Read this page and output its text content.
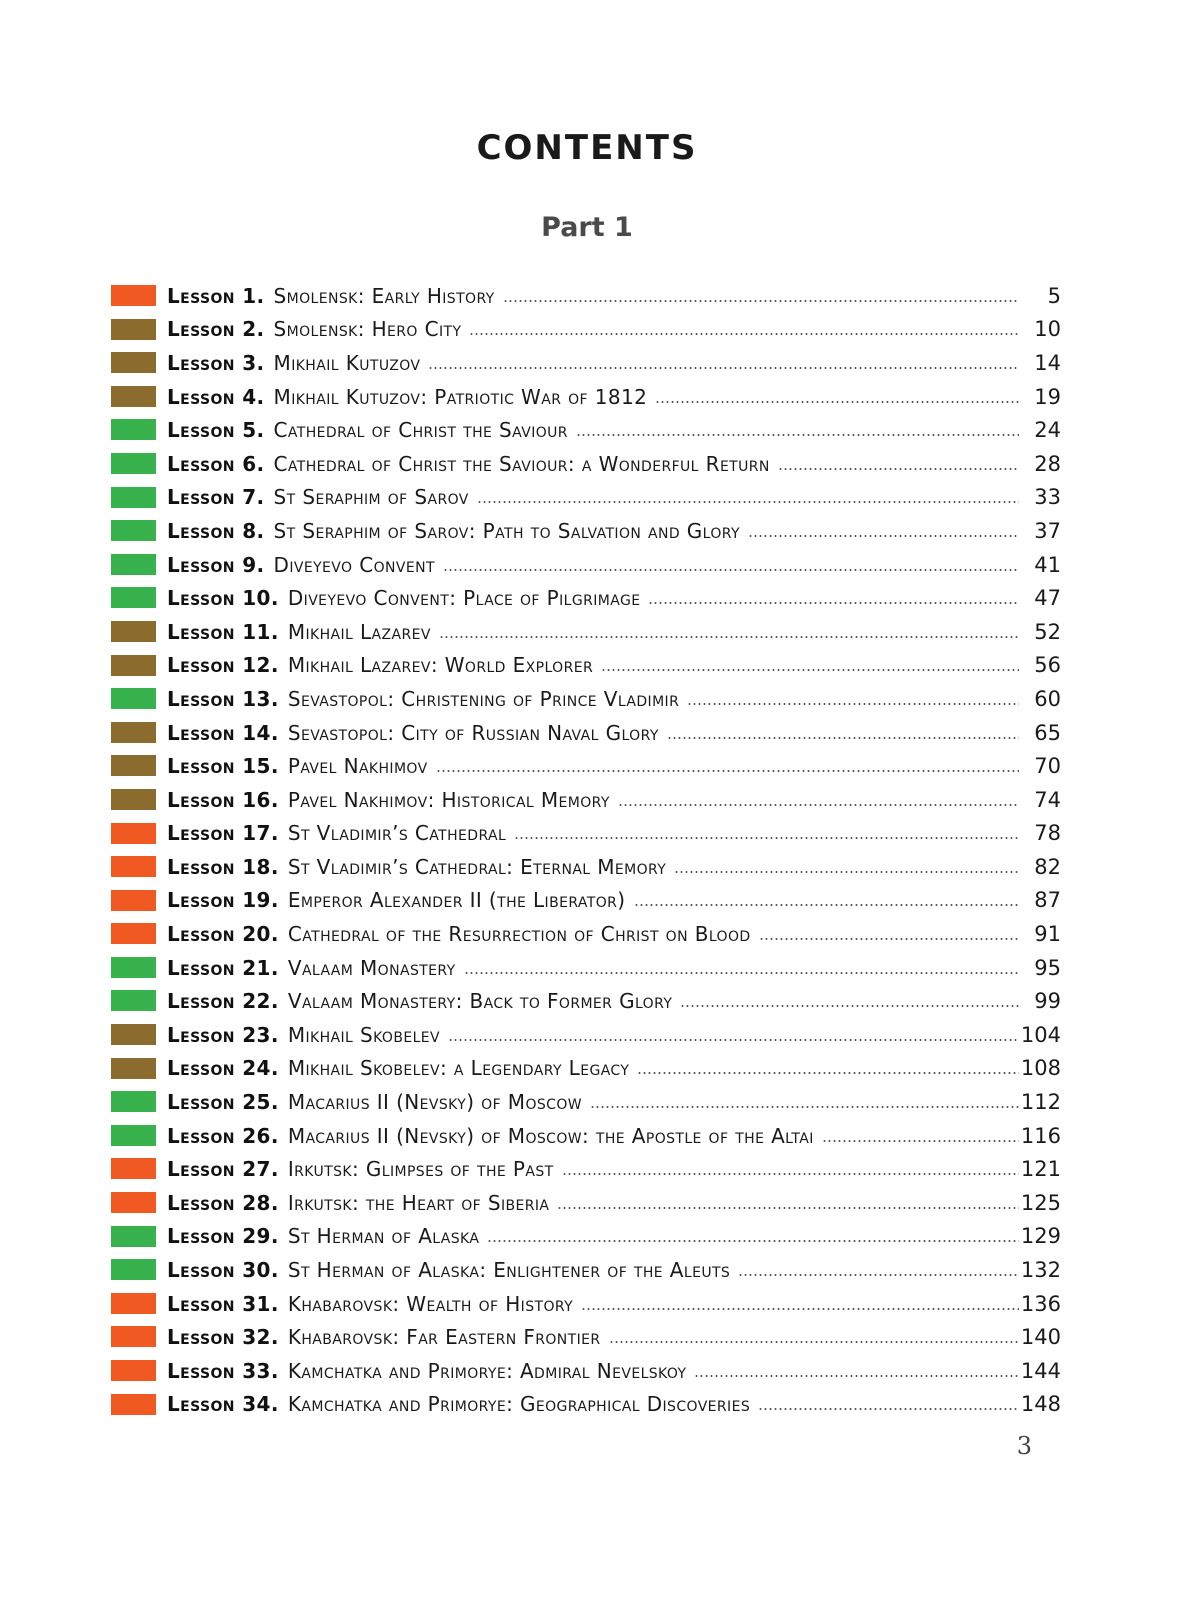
CONTENTS
Part 1
Lesson 1. Smolensk: Early History	5
Lesson 2. Smolensk: Hero City	10
Lesson 3. Mikhail Kutuzov	14
Lesson 4. Mikhail Kutuzov: Patriotic War of 1812	19
Lesson 5. Cathedral of Christ the Saviour	24
Lesson 6. Cathedral of Christ the Saviour: a Wonderful Return	28
Lesson 7. St Seraphim of Sarov	33
Lesson 8. St Seraphim of Sarov: Path to Salvation and Glory	37
Lesson 9. Diveyevo Convent	41
Lesson 10. Diveyevo Convent: Place of Pilgrimage	47
Lesson 11. Mikhail Lazarev	52
Lesson 12. Mikhail Lazarev: World Explorer	56
Lesson 13. Sevastopol: Christening of Prince Vladimir	60
Lesson 14. Sevastopol: City of Russian Naval Glory	65
Lesson 15. Pavel Nakhimov	70
Lesson 16. Pavel Nakhimov: Historical Memory	74
Lesson 17. St Vladimir’s Cathedral	78
Lesson 18. St Vladimir’s Cathedral: Eternal Memory	82
Lesson 19. Emperor Alexander II (the Liberator)	87
Lesson 20. Cathedral of the Resurrection of Christ on Blood	91
Lesson 21. Valaam Monastery	95
Lesson 22. Valaam Monastery: Back to Former Glory	99
Lesson 23. Mikhail Skobelev	104
Lesson 24. Mikhail Skobelev: a Legendary Legacy	108
Lesson 25. Macarius II (Nevsky) of Moscow	112
Lesson 26. Macarius II (Nevsky) of Moscow: the Apostle of the Altai	116
Lesson 27. Irkutsk: Glimpses of the Past	121
Lesson 28. Irkutsk: the Heart of Siberia	125
Lesson 29. St Herman of Alaska	129
Lesson 30. St Herman of Alaska: Enlightener of the Aleuts	132
Lesson 31. Khabarovsk: Wealth of History	136
Lesson 32. Khabarovsk: Far Eastern Frontier	140
Lesson 33. Kamchatka and Primorye: Admiral Nevelskoy	144
Lesson 34. Kamchatka and Primorye: Geographical Discoveries	148
3
